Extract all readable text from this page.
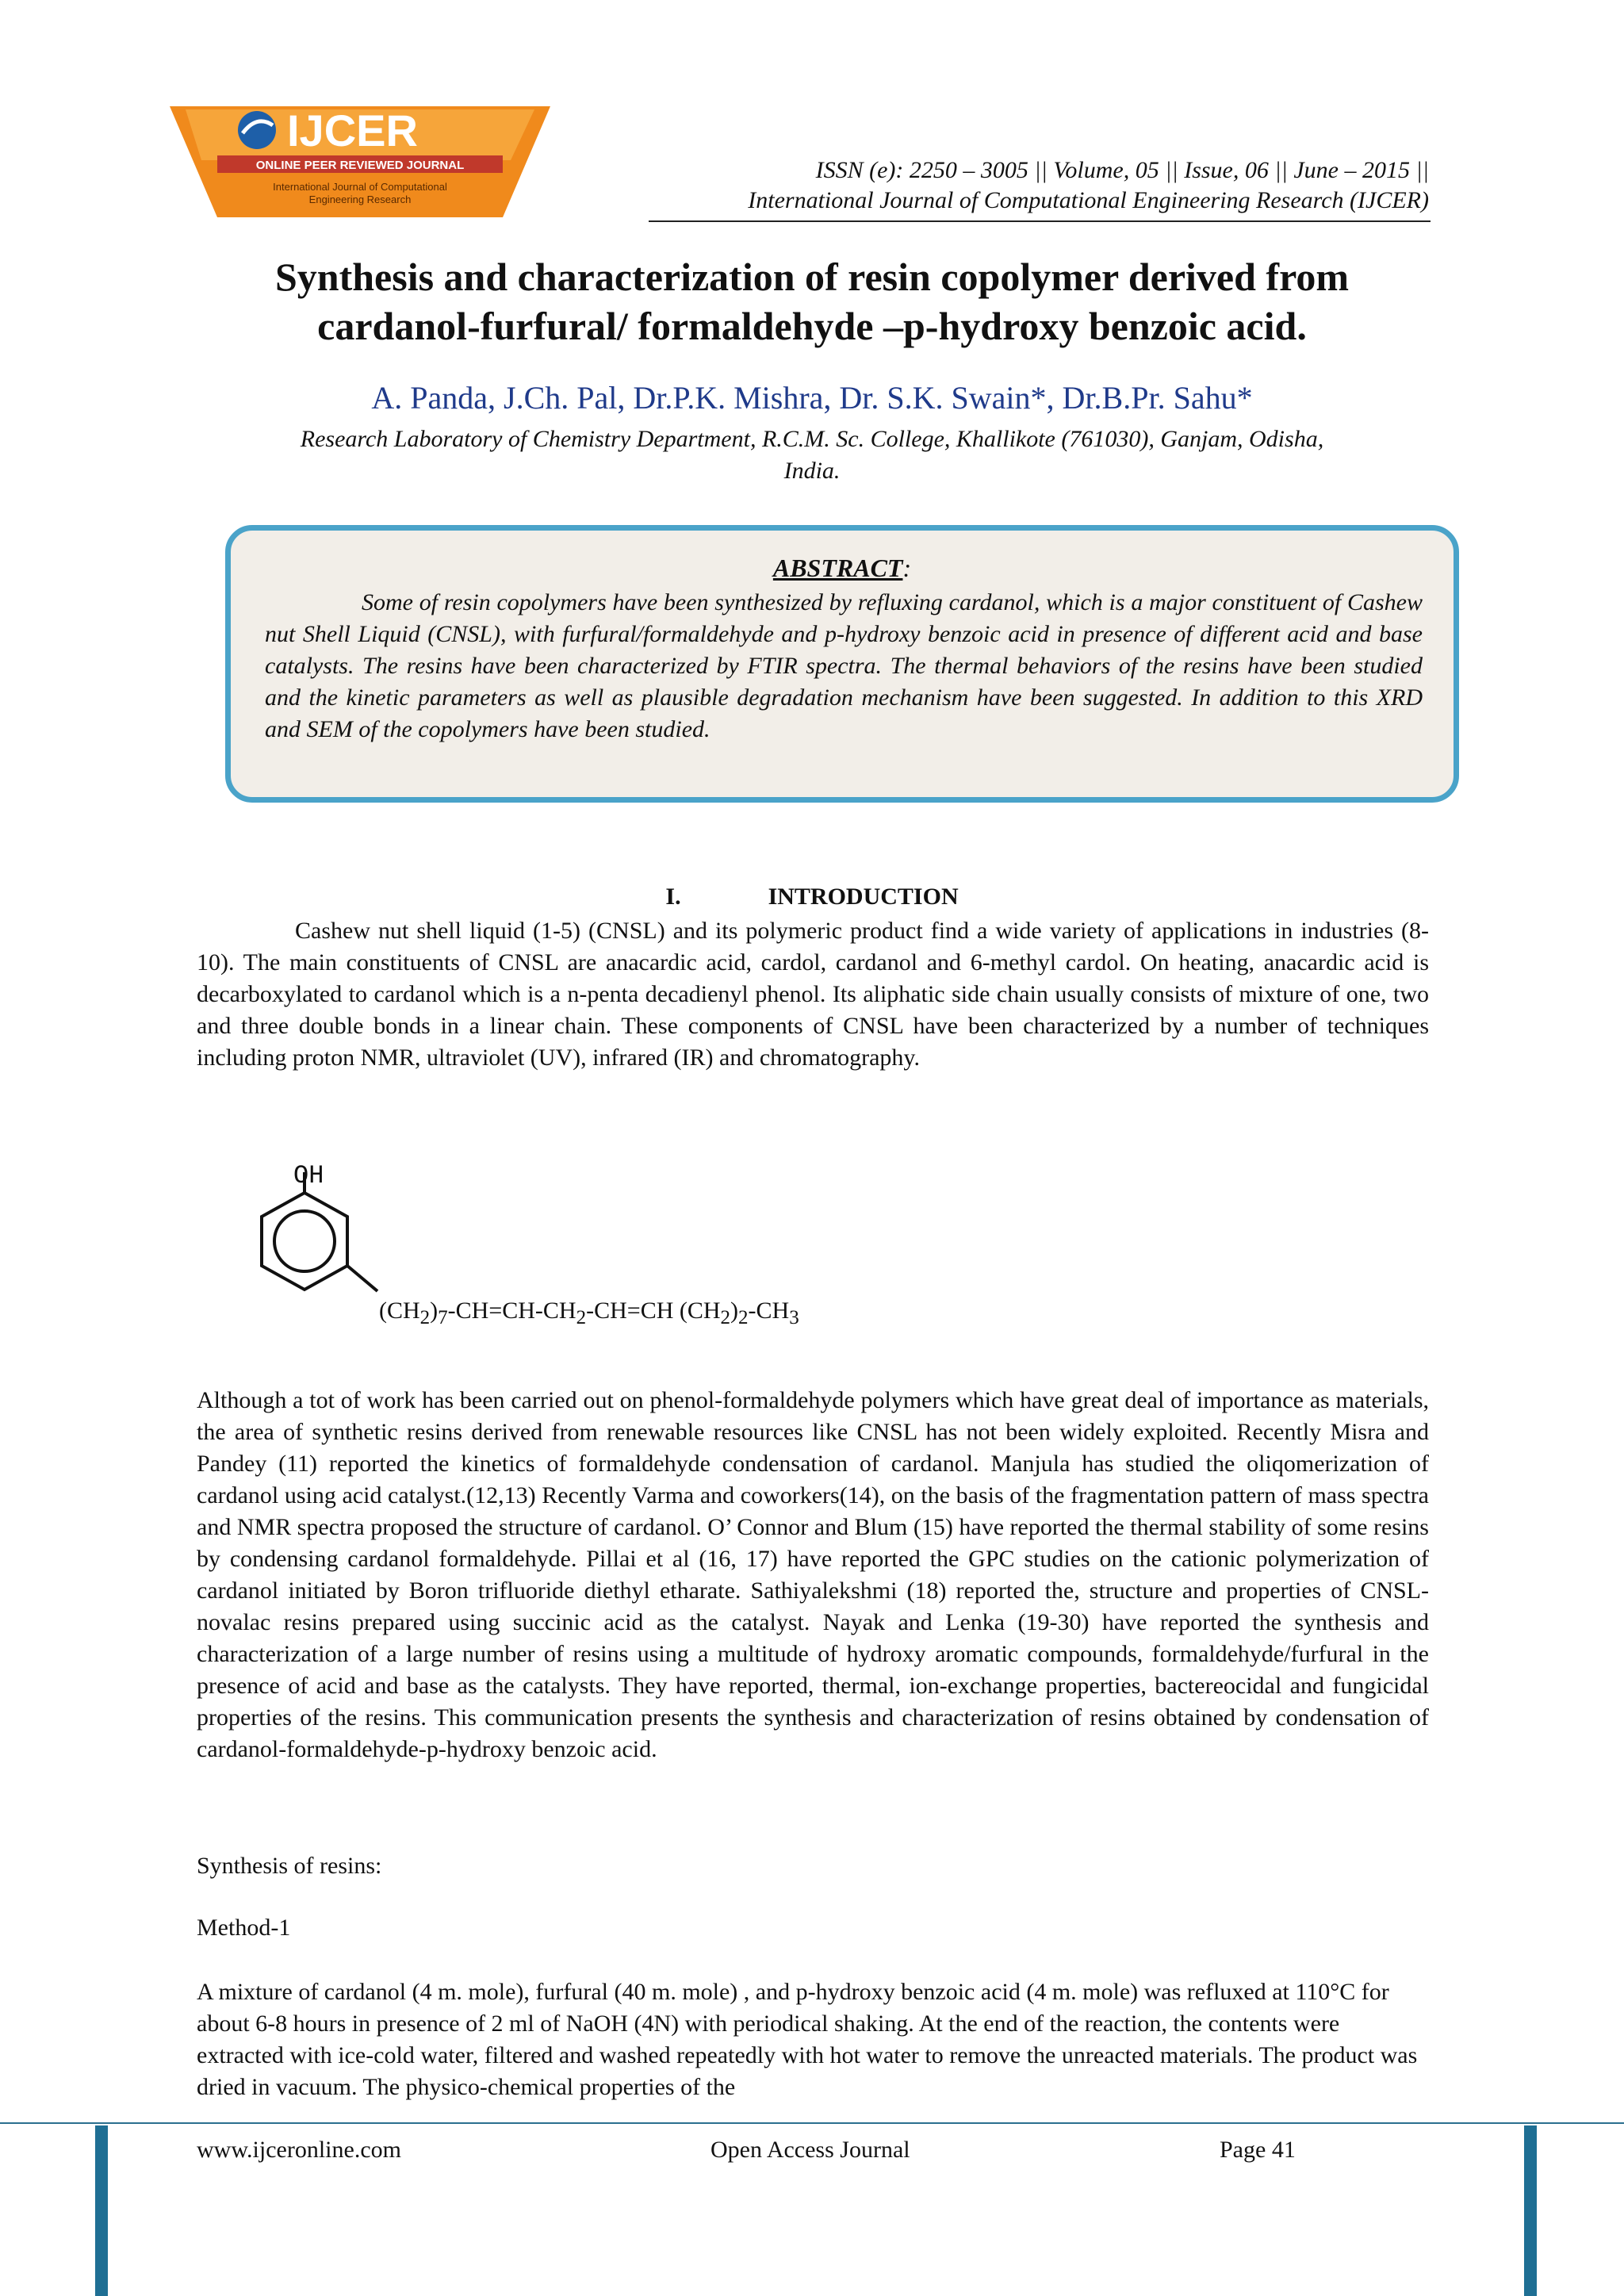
IJCER
ONLINE PEER REVIEWED JOURNAL
International Journal of Computational
Engineering Research
ISSN (e): 2250 – 3005 || Volume, 05 || Issue, 06 || June – 2015 ||
International Journal of Computational Engineering Research (IJCER)
Synthesis and characterization of resin copolymer derived from
cardanol-furfural/ formaldehyde –p-hydroxy benzoic acid.
A. Panda, J.Ch. Pal, Dr.P.K. Mishra, Dr. S.K. Swain*, Dr.B.Pr. Sahu*
Research Laboratory of Chemistry Department, R.C.M. Sc. College, Khallikote (761030), Ganjam, Odisha,
India.
ABSTRACT:
Some of resin copolymers have been synthesized by refluxing cardanol, which is a major constituent of Cashew nut Shell Liquid (CNSL), with furfural/formaldehyde and p-hydroxy benzoic acid in presence of different acid and base catalysts. The resins have been characterized by FTIR spectra. The thermal behaviors of the resins have been studied and the kinetic parameters as well as plausible degradation mechanism have been suggested. In addition to this XRD and SEM of the copolymers have been studied.
I.	INTRODUCTION
Cashew nut shell liquid (1-5) (CNSL) and its polymeric product find a wide variety of applications in industries (8-10). The main constituents of CNSL are anacardic acid, cardol, cardanol and 6-methyl cardol. On heating, anacardic acid is decarboxylated to cardanol which is a n-penta decadienyl phenol. Its aliphatic side chain usually consists of mixture of one, two and three double bonds in a linear chain. These components of CNSL have been characterized by a number of techniques including proton NMR, ultraviolet (UV), infrared (IR) and chromatography.
OH
$(CH_2)_7-CH=CH-CH_2-CH=CH$ $(CH_2)_2-CH_3$
Although a tot of work has been carried out on phenol-formaldehyde polymers which have great deal of importance as materials, the area of synthetic resins derived from renewable resources like CNSL has not been widely exploited. Recently Misra and Pandey (11) reported the kinetics of formaldehyde condensation of cardanol. Manjula has studied the oliqomerization of cardanol using acid catalyst.(12,13) Recently Varma and coworkers(14), on the basis of the fragmentation pattern of mass spectra and NMR spectra proposed the structure of cardanol. O’ Connor and Blum (15) have reported the thermal stability of some resins by condensing cardanol formaldehyde. Pillai et al (16, 17) have reported the GPC studies on the cationic polymerization of cardanol initiated by Boron trifluoride diethyl etharate. Sathiyalekshmi (18) reported the, structure and properties of CNSL-novalac resins prepared using succinic acid as the catalyst. Nayak and Lenka (19-30) have reported the synthesis and characterization of a large number of resins using a multitude of hydroxy aromatic compounds, formaldehyde/furfural in the presence of acid and base as the catalysts. They have reported, thermal, ion-exchange properties, bactereocidal and fungicidal properties of the resins. This communication presents the synthesis and characterization of resins obtained by condensation of cardanol-formaldehyde-p-hydroxy benzoic acid.
Synthesis of resins:
Method-1
A mixture of cardanol (4 m. mole), furfural (40 m. mole) , and p-hydroxy benzoic acid (4 m. mole) was refluxed at 110°C for about 6-8 hours in presence of 2 ml of NaOH (4N) with periodical shaking. At the end of the reaction, the contents were extracted with ice-cold water, filtered and washed repeatedly with hot water to remove the unreacted materials. The product was dried in vacuum. The physico-chemical properties of the
www.ijceronline.com	Open Access Journal	Page 41
